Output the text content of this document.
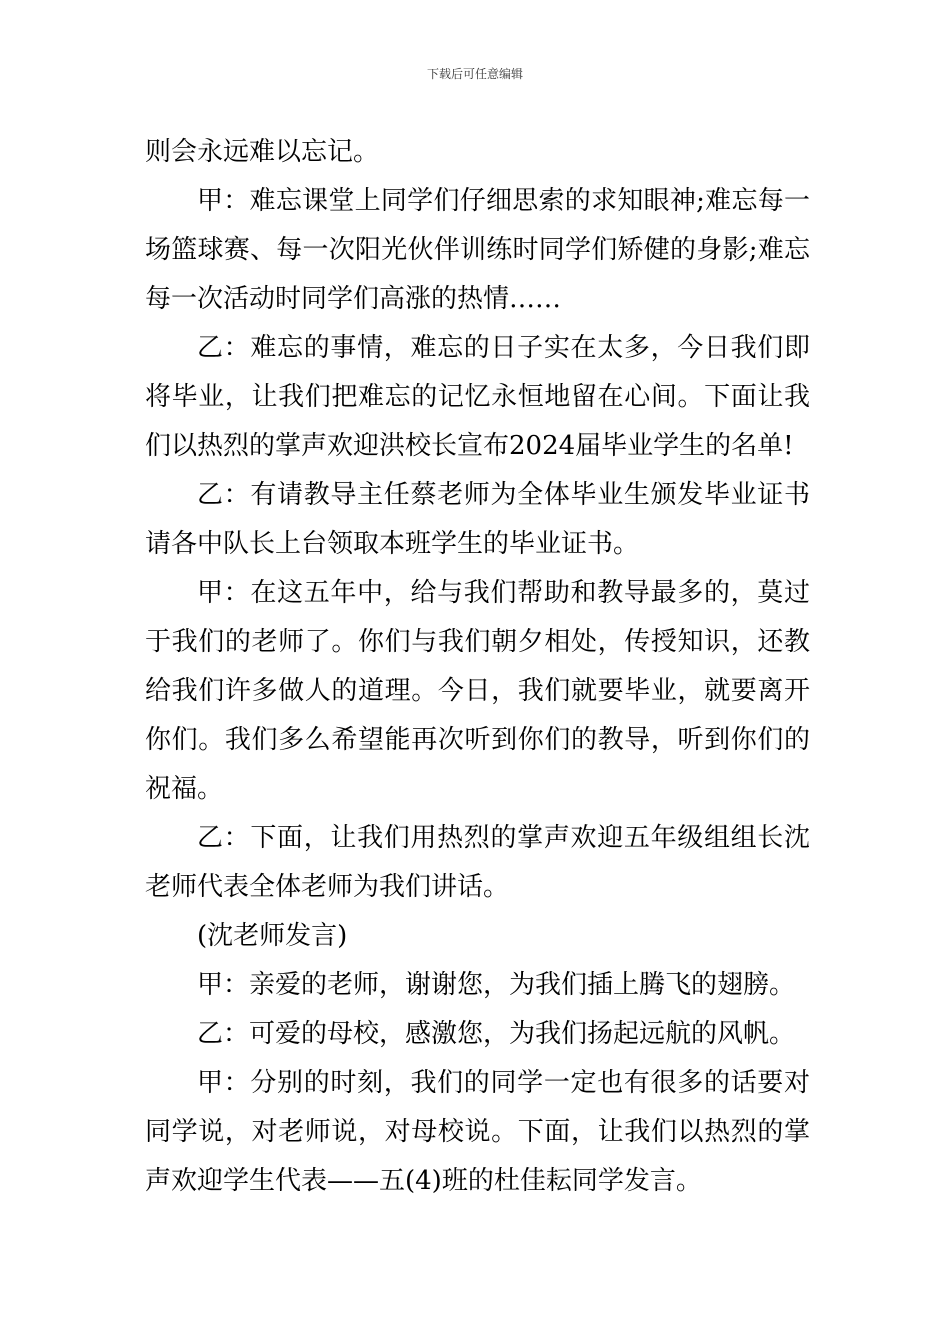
下载后可任意编辑

则会永远难以忘记。

甲：难忘课堂上同学们仔细思索的求知眼神;难忘每一场篮球赛、每一次阳光伙伴训练时同学们矫健的身影;难忘每一次活动时同学们高涨的热情……

乙：难忘的事情，难忘的日子实在太多，今日我们即将毕业，让我们把难忘的记忆永恒地留在心间。下面让我们以热烈的掌声欢迎洪校长宣布2024届毕业学生的名单!

乙：有请教导主任蔡老师为全体毕业生颁发毕业证书请各中队长上台领取本班学生的毕业证书。

甲：在这五年中，给与我们帮助和教导最多的，莫过于我们的老师了。你们与我们朝夕相处，传授知识，还教给我们许多做人的道理。今日，我们就要毕业，就要离开你们。我们多么希望能再次听到你们的教导，听到你们的祝福。

乙：下面，让我们用热烈的掌声欢迎五年级组组长沈老师代表全体老师为我们讲话。

(沈老师发言)

甲：亲爱的老师，谢谢您，为我们插上腾飞的翅膀。

乙：可爱的母校，感激您，为我们扬起远航的风帆。

甲：分别的时刻，我们的同学一定也有很多的话要对同学说，对老师说，对母校说。下面，让我们以热烈的掌声欢迎学生代表——五(4)班的杜佳耘同学发言。
